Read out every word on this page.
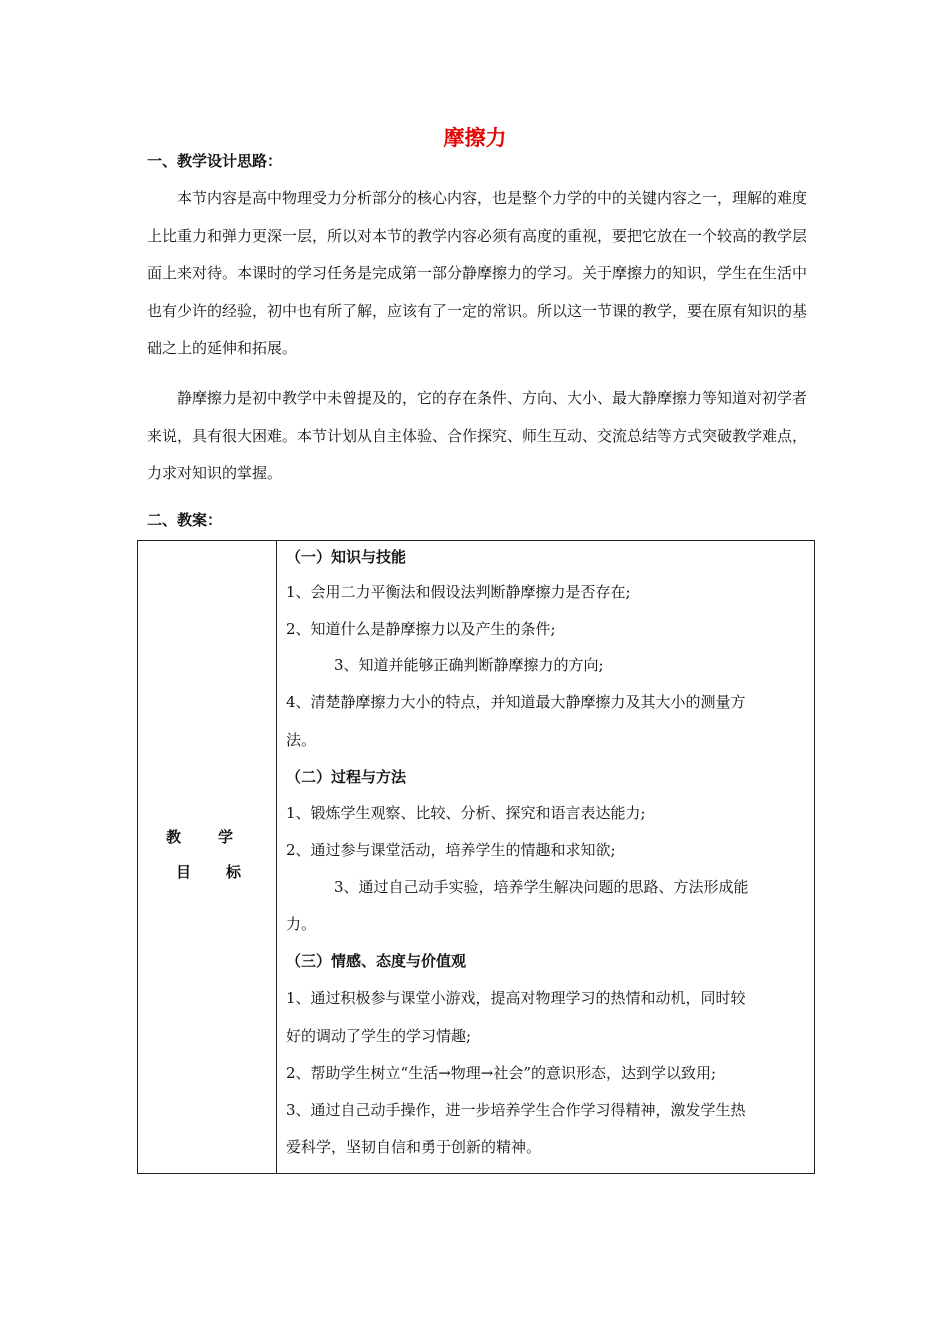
摩擦力
一、教学设计思路：

本节内容是高中物理受力分析部分的核心内容，也是整个力学的中的关键内容之一，理解的难度上比重力和弹力更深一层，所以对本节的教学内容必须有高度的重视，要把它放在一个较高的教学层面上来对待。本课时的学习任务是完成第一部分静摩擦力的学习。关于摩擦力的知识，学生在生活中也有少许的经验，初中也有所了解，应该有了一定的常识。所以这一节课的教学，要在原有知识的基础之上的延伸和拓展。

静摩擦力是初中教学中未曾提及的，它的存在条件、方向、大小、最大静摩擦力等知道对初学者来说，具有很大困难。本节计划从自主体验、合作探究、师生互动、交流总结等方式突破教学难点，力求对知识的掌握。

二、教案：
教 学
目 标
（一）知识与技能
1、会用二力平衡法和假设法判断静摩擦力是否存在;
2、知道什么是静摩擦力以及产生的条件;
3、知道并能够正确判断静摩擦力的方向;
4、清楚静摩擦力大小的特点，并知道最大静摩擦力及其大小的测量方
法。
（二）过程与方法
1、锻炼学生观察、比较、分析、探究和语言表达能力;
2、通过参与课堂活动，培养学生的情趣和求知欲;
3、通过自己动手实验，培养学生解决问题的思路、方法形成能
力。
（三）情感、态度与价值观
1、通过积极参与课堂小游戏，提高对物理学习的热情和动机，同时较
好的调动了学生的学习情趣;
2、帮助学生树立“生活→物理→社会”的意识形态，达到学以致用;
3、通过自己动手操作，进一步培养学生合作学习得精神，激发学生热
爱科学，坚韧自信和勇于创新的精神。
